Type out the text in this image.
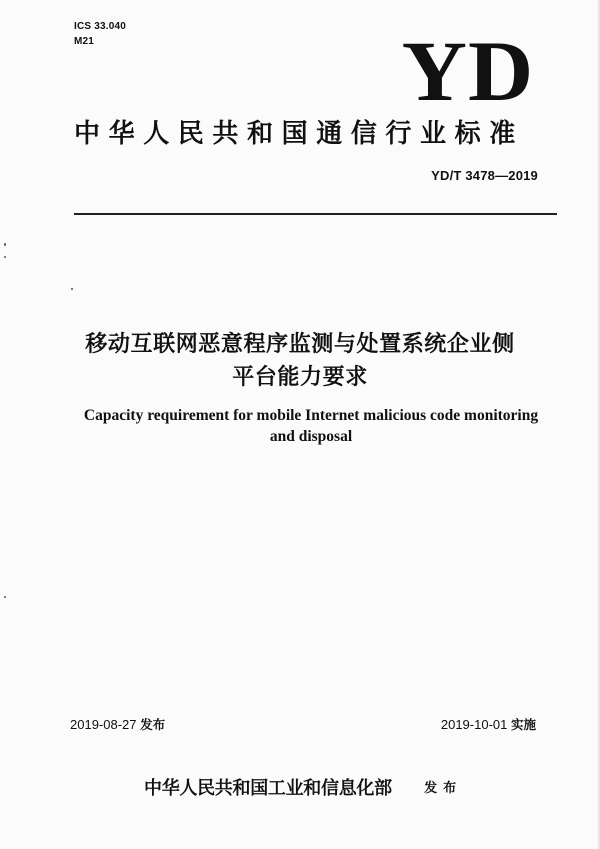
ICS 33.040
M21	YD
中华人民共和国通信行业标准
YD/T 3478—2019
移动互联网恶意程序监测与处置系统企业侧
平台能力要求
Capacity requirement for mobile Internet malicious code monitoring
and disposal
2019-08-27 发布	2019-10-01 实施
中华人民共和国工业和信息化部 发布
